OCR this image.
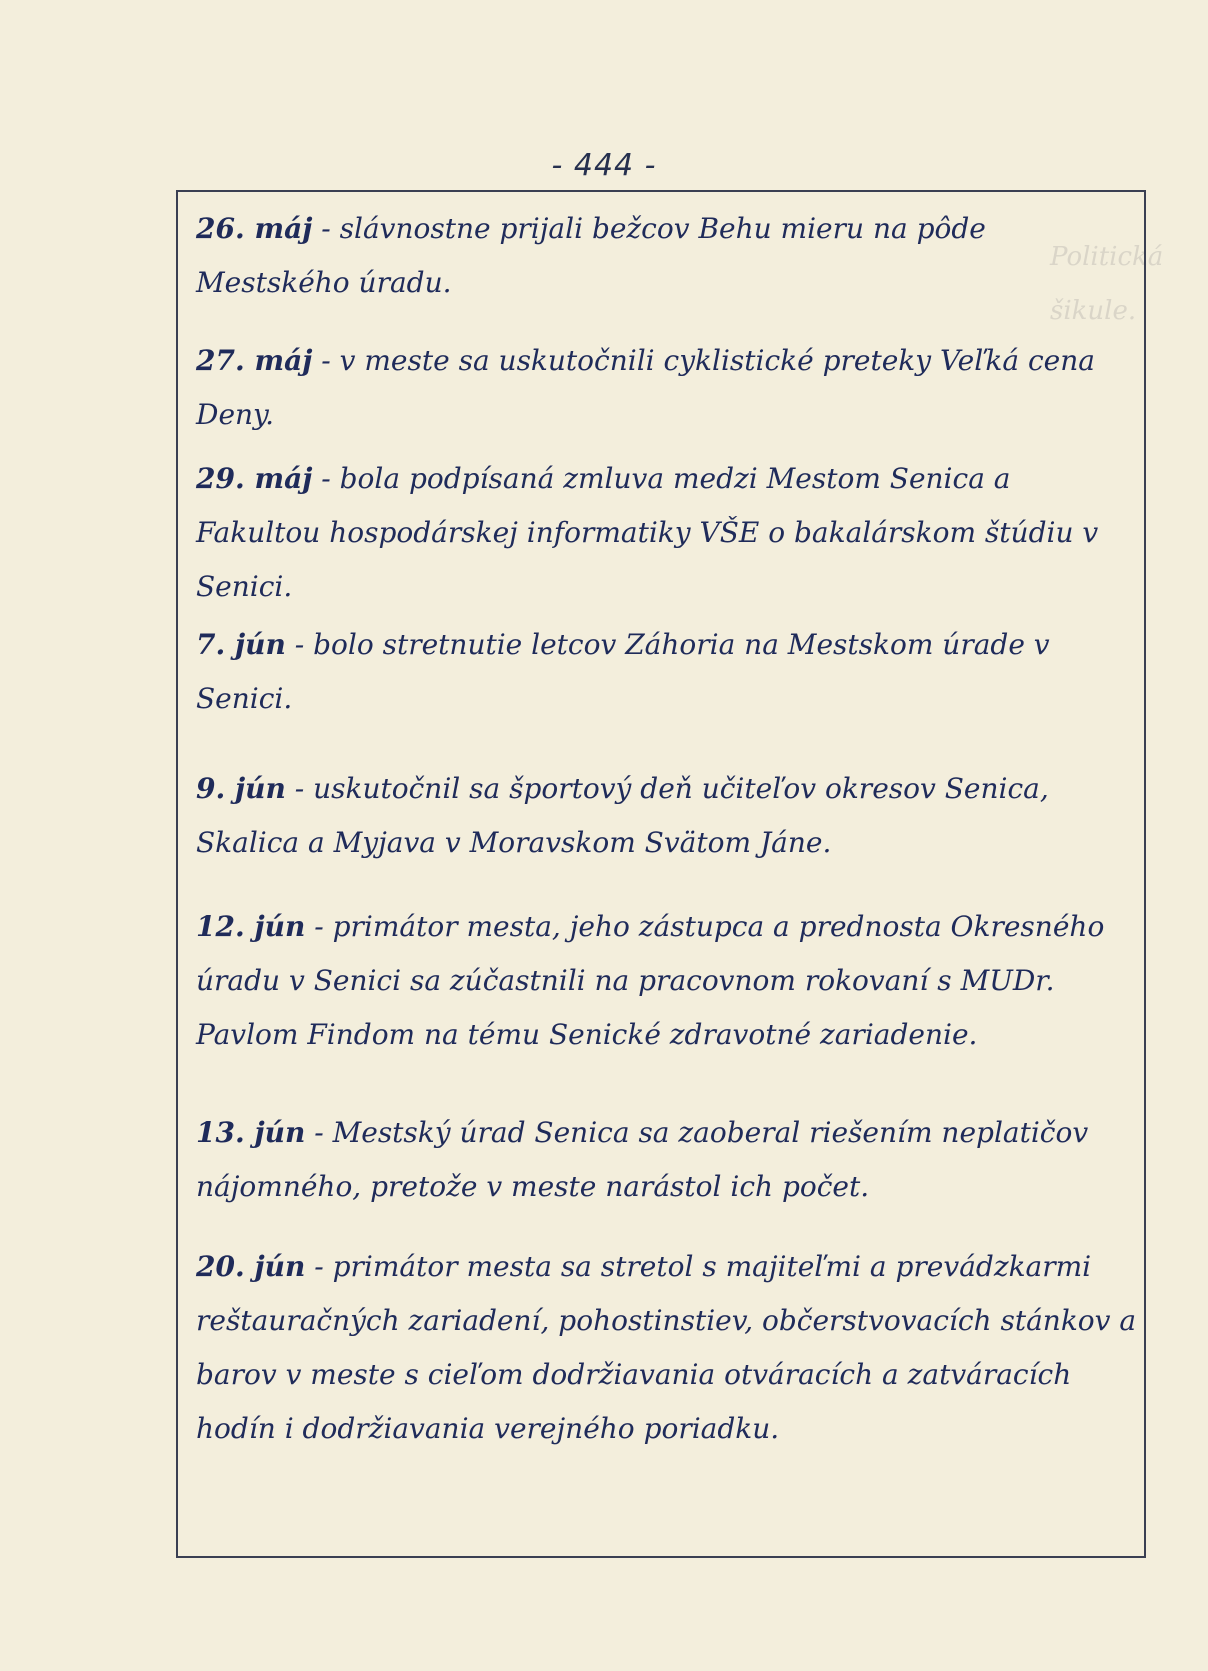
Politická šikule.
- 444 -
26. máj - slávnostne prijali bežcov Behu mieru na pôde Mestského úradu.
27. máj - v meste sa uskutočnili cyklistické preteky Veľká cena Deny.
29. máj - bola podpísaná zmluva medzi Mestom Senica a Fakultou hospodárskej informatiky VŠE o bakalárskom štúdiu v Senici.
7. jún - bolo stretnutie letcov Záhoria na Mestskom úrade v Senici.
9. jún - uskutočnil sa športový deň učiteľov okresov Senica, Skalica a Myjava v Moravskom Svätom Jáne.
12. jún - primátor mesta, jeho zástupca a prednosta Okresného úradu v Senici sa zúčastnili na pracovnom rokovaní s MUDr. Pavlom Findom na tému Senické zdravotné zariadenie.
13. jún - Mestský úrad Senica sa zaoberal riešením neplatičov nájomného, pretože v meste narástol ich počet.
20. jún - primátor mesta sa stretol s majiteľmi a prevádzkarmi reštauračných zariadení, pohostinstiev, občerstvovacích stánkov a barov v meste s cieľom dodržiavania otváracích a zatváracích hodín i dodržiavania verejného poriadku.
